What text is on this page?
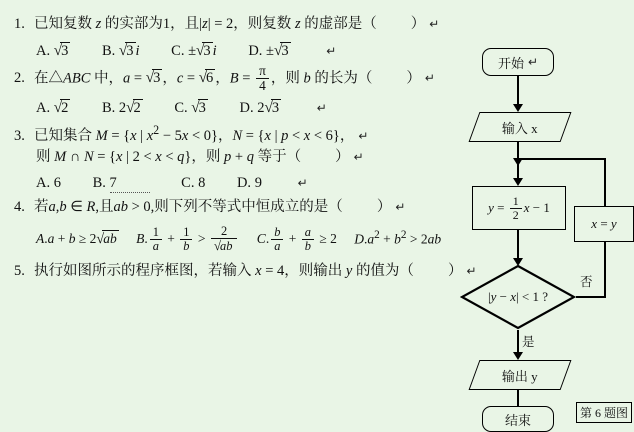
1. 已知复数 z 的实部为1，且|z| = 2，则复数 z 的虚部是（ ） ↵
A. √3 B. √3 i C. ±√3 i D. ±√3	↵
2. 在△ABC 中，a = √3 ，c = √6 ，$B = \frac{\pi}{4}$ ，则 b 的长为（ ） ↵
A. √2 B. 2√2 C. √3 D. 2√3	↵
3. 已知集合 M = {x | $x^2 - 5x < 0$}，N = {x | p < x < 6}， ↵
则 M ∩ N = {x | 2 < x < q}，则 p + q 等于（ ） ↵
A. 6 B. 7	C. 8 D. 9	↵
4. 若a,b ∈ R,且ab > 0,则下列不等式中恒成立的是（ ） ↵
A.a + b ≥ 2√ab B. $\frac{1}{a} + \frac{1}{b} > \frac{2}{√ab} C$. $\frac{b}{a} + \frac{a}{b} \ge 2$ $D.a^2 + b^2 > 2ab$
5. 执行如图所示的程序框图，若输入 x = 4，则输出 y 的值为（ ） ↵
开始 ↵
输入 x
$y = \frac{1}{2}$ x − 1
|y − x| < 1 ?
是
输出 y
结束
否
x = y
第 6 题图
